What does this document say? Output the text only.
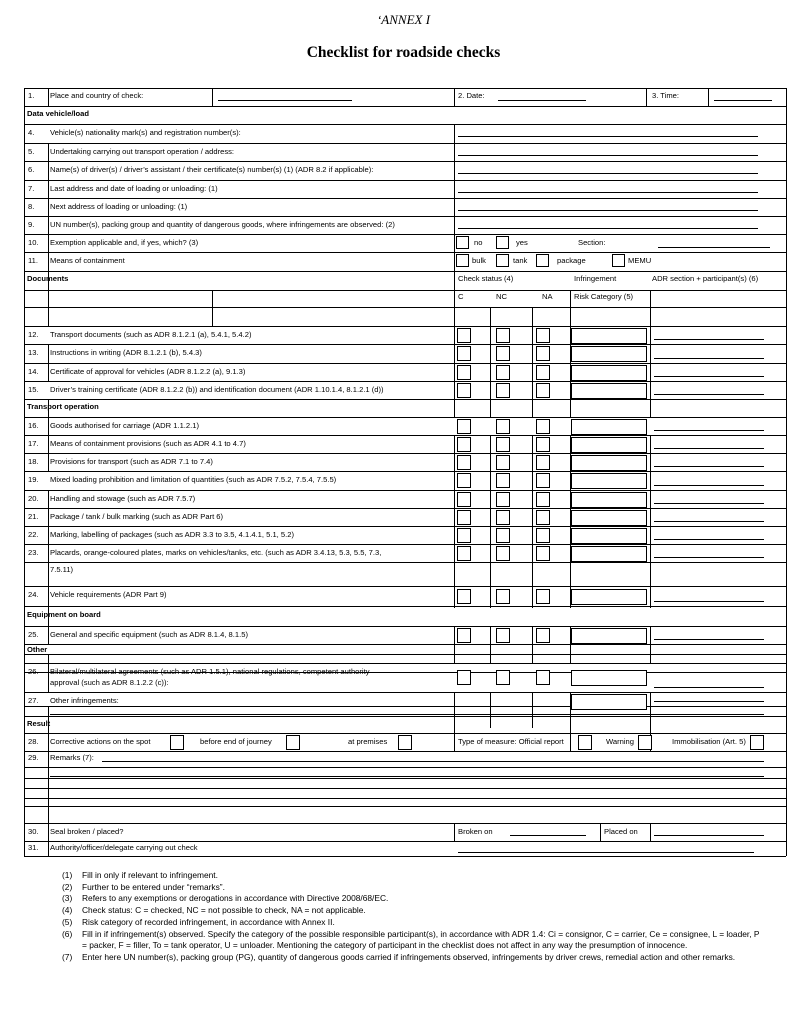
‘ANNEX I
Checklist for roadside checks
1. Place and country of check:	2. Date:	3. Time:
Data vehicle/load
4. Vehicle(s) nationality mark(s) and registration number(s):
5. Undertaking carrying out transport operation / address:
6. Name(s) of driver(s) / driver’s assistant / their certificate(s) number(s) (1) (ADR 8.2 if applicable):
7. Last address and date of loading or unloading: (1)
8. Next address of loading or unloading: (1)
9. UN number(s), packing group and quantity of dangerous goods, where infringements are observed: (2)
10. Exemption applicable and, if yes, which? (3)	no	yes	Section:
11. Means of containment	bulk	tank	package	MEMU
Documents	Check status (4)	Infringement	ADR section + participant(s) (6)
C	NC	NA	Risk Category (5)
12. Transport documents (such as ADR 8.1.2.1 (a), 5.4.1, 5.4.2)
13. Instructions in writing (ADR 8.1.2.1 (b), 5.4.3)
14. Certificate of approval for vehicles (ADR 8.1.2.2 (a), 9.1.3)
15. Driver’s training certificate (ADR 8.1.2.2 (b)) and identification document (ADR 1.10.1.4, 8.1.2.1 (d))
Transport operation
16. Goods authorised for carriage (ADR 1.1.2.1)
17. Means of containment provisions (such as ADR 4.1 to 4.7)
18. Provisions for transport (such as ADR 7.1 to 7.4)
19. Mixed loading prohibition and limitation of quantities (such as ADR 7.5.2, 7.5.4, 7.5.5)
20. Handling and stowage (such as ADR 7.5.7)
21. Package / tank / bulk marking (such as ADR Part 6)
22. Marking, labelling of packages (such as ADR 3.3 to 3.5, 4.1.4.1, 5.1, 5.2)
23. Placards, orange-coloured plates, marks on vehicles/tanks, etc. (such as ADR 3.4.13, 5.3, 5.5, 7.3,
7.5.11)
24. Vehicle requirements (ADR Part 9)
Equipment on board
25. General and specific equipment (such as ADR 8.1.4, 8.1.5)
Other
26. Bilateral/multilateral agreements (such as ADR 1.5.1), national regulations, competent authority
approval (such as ADR 8.1.2.2 (c)):
27. Other infringements:
Result
28. Corrective actions on the spot	before end of journey	at premises	Type of measure: Official report	Warning	Immobilisation (Art. 5)
29. Remarks (7):
30. Seal broken / placed?	Broken on	Placed on
31. Authority/officer/delegate carrying out check
(1)	Fill in only if relevant to infringement.
(2)	Further to be entered under “remarks”.
(3)	Refers to any exemptions or derogations in accordance with Directive 2008/68/EC.
(4)	Check status: C = checked, NC = not possible to check, NA = not applicable.
(5)	Risk category of recorded infringement, in accordance with Annex II.
(6)	Fill in if infringement(s) observed. Specify the category of the possible responsible participant(s), in accordance with ADR 1.4: Ci = consignor, C = carrier, Ce = consignee, L = loader, P = packer, F = filler, To = tank operator, U = unloader. Mentioning the category of participant in the checklist does not affect in any way the presumption of innocence.
(7)	Enter here UN number(s), packing group (PG), quantity of dangerous goods carried if infringements observed, infringements by driver crews, remedial action and other remarks.
